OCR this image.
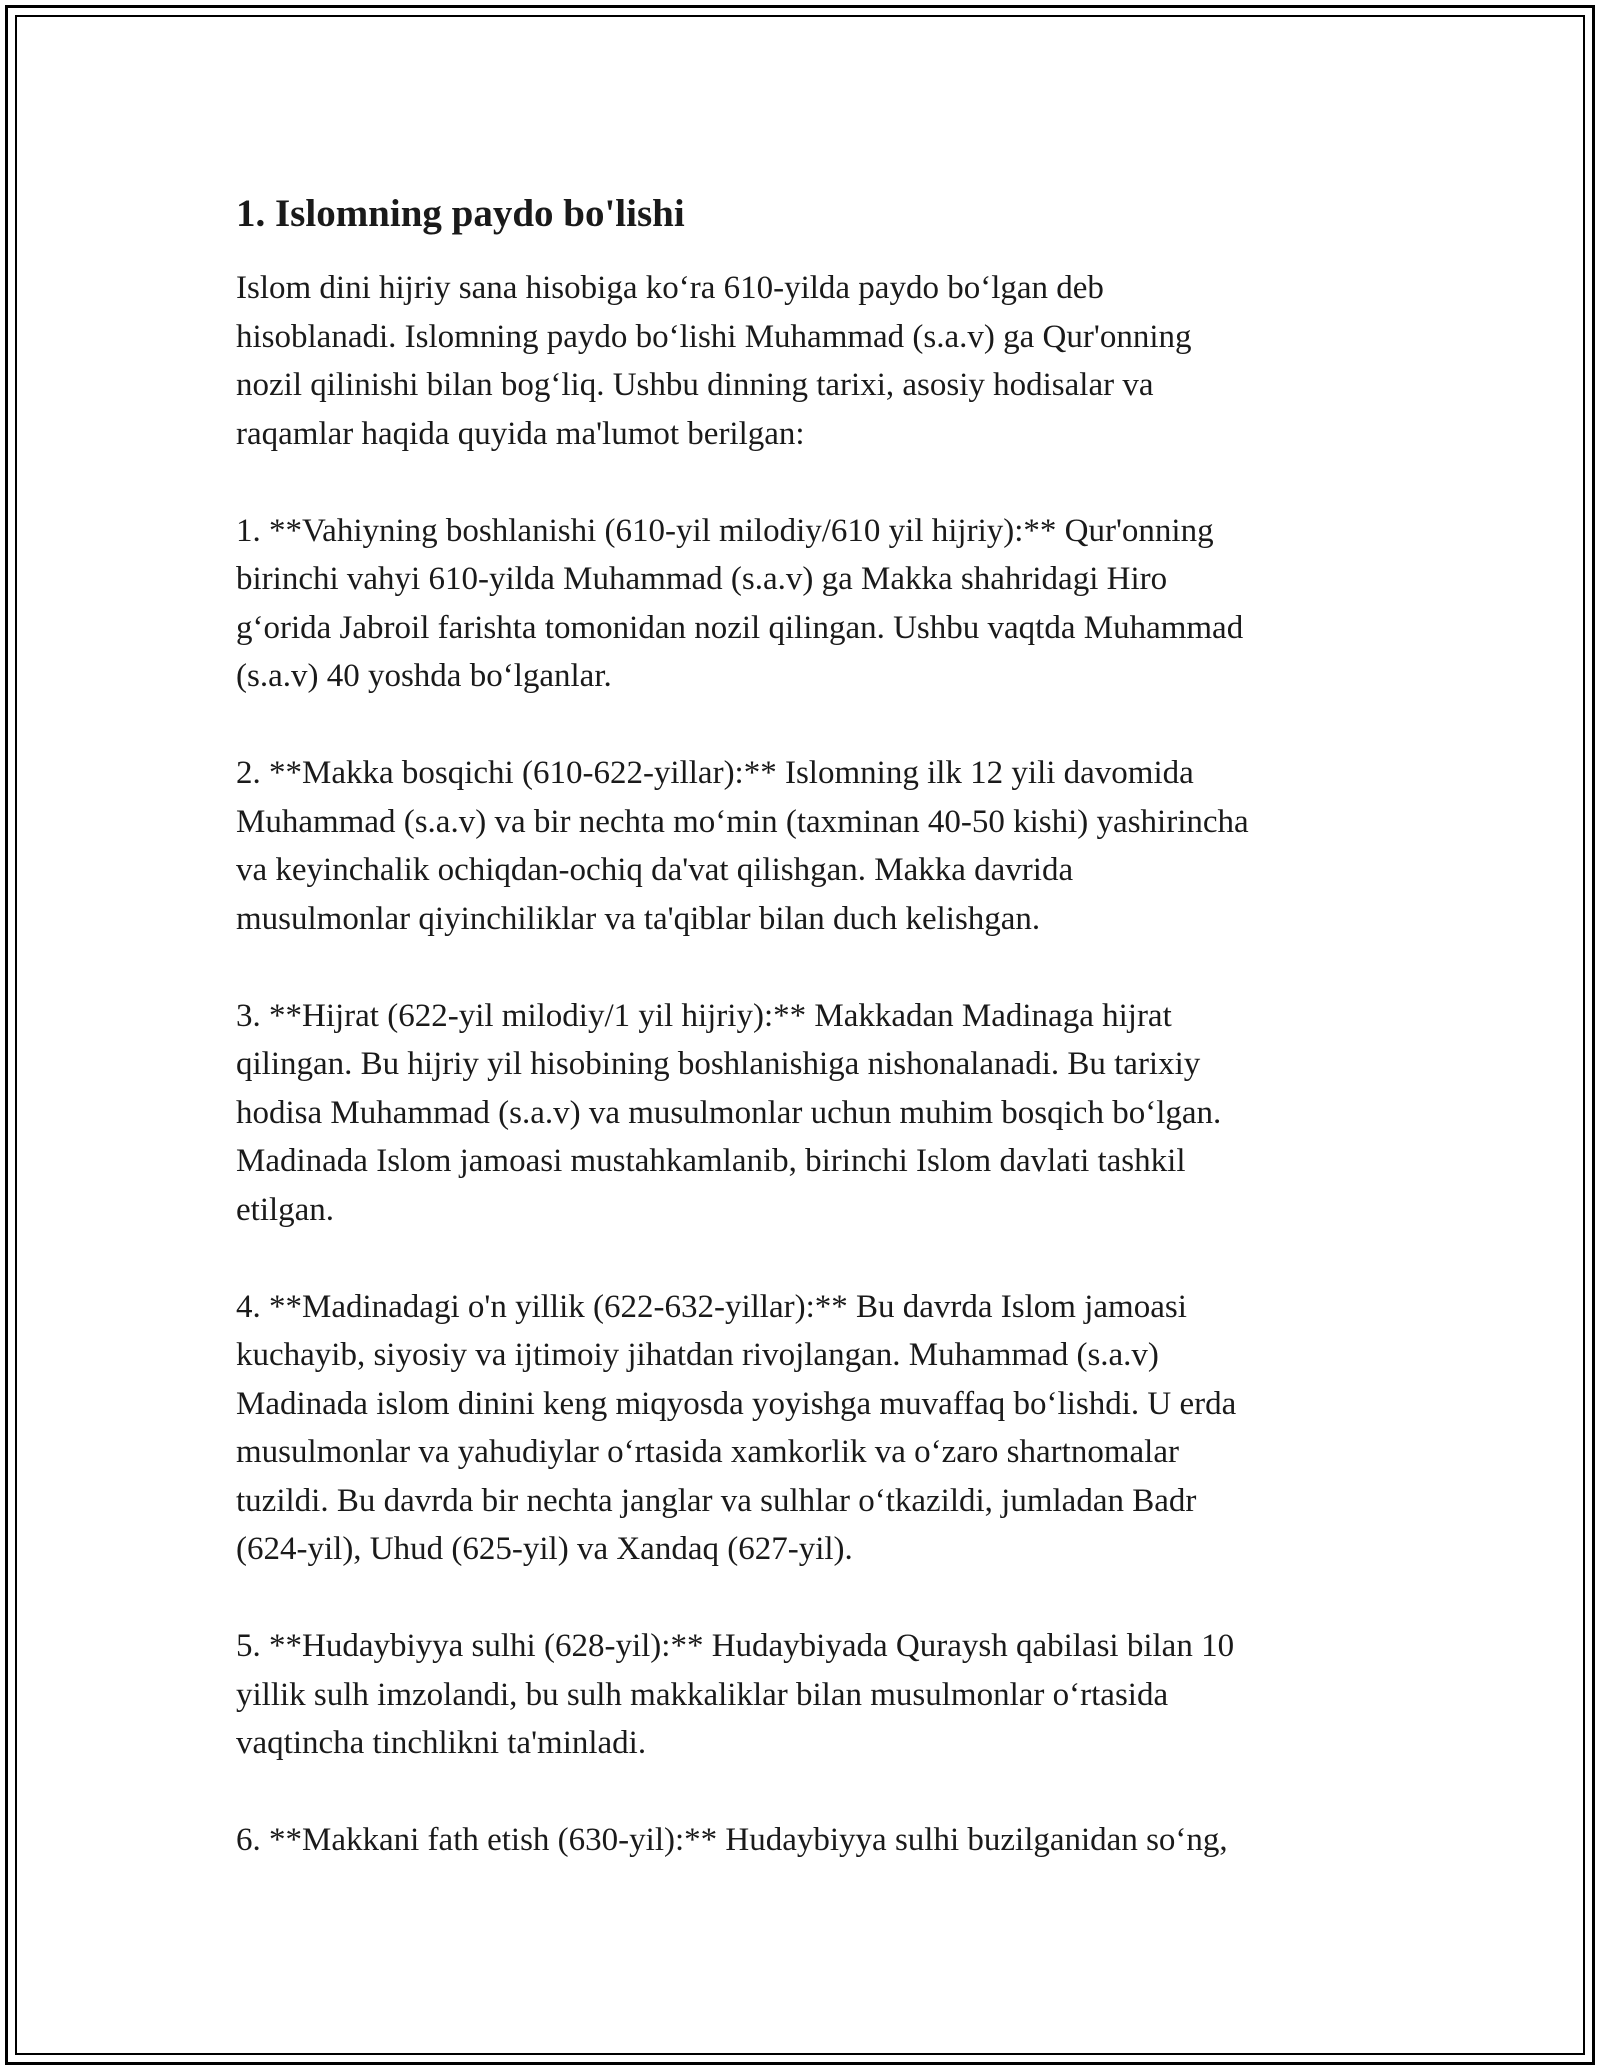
1. Islomning paydo bo'lishi

Islom dini hijriy sana hisobiga ko‘ra 610-yilda paydo bo‘lgan deb
hisoblanadi. Islomning paydo bo‘lishi Muhammad (s.a.v) ga Qur'onning
nozil qilinishi bilan bog‘liq. Ushbu dinning tarixi, asosiy hodisalar va
raqamlar haqida quyida ma'lumot berilgan:

1. **Vahiyning boshlanishi (610-yil milodiy/610 yil hijriy):** Qur'onning
birinchi vahyi 610-yilda Muhammad (s.a.v) ga Makka shahridagi Hiro
g‘orida Jabroil farishta tomonidan nozil qilingan. Ushbu vaqtda Muhammad
(s.a.v) 40 yoshda bo‘lganlar.

2. **Makka bosqichi (610-622-yillar):** Islomning ilk 12 yili davomida
Muhammad (s.a.v) va bir nechta mo‘min (taxminan 40-50 kishi) yashirincha
va keyinchalik ochiqdan-ochiq da'vat qilishgan. Makka davrida
musulmonlar qiyinchiliklar va ta'qiblar bilan duch kelishgan.

3. **Hijrat (622-yil milodiy/1 yil hijriy):** Makkadan Madinaga hijrat
qilingan. Bu hijriy yil hisobining boshlanishiga nishonalanadi. Bu tarixiy
hodisa Muhammad (s.a.v) va musulmonlar uchun muhim bosqich bo‘lgan.
Madinada Islom jamoasi mustahkamlanib, birinchi Islom davlati tashkil
etilgan.

4. **Madinadagi o'n yillik (622-632-yillar):** Bu davrda Islom jamoasi
kuchayib, siyosiy va ijtimoiy jihatdan rivojlangan. Muhammad (s.a.v)
Madinada islom dinini keng miqyosda yoyishga muvaffaq bo‘lishdi. U erda
musulmonlar va yahudiylar o‘rtasida xamkorlik va o‘zaro shartnomalar
tuzildi. Bu davrda bir nechta janglar va sulhlar o‘tkazildi, jumladan Badr
(624-yil), Uhud (625-yil) va Xandaq (627-yil).

5. **Hudaybiyya sulhi (628-yil):** Hudaybiyada Quraysh qabilasi bilan 10
yillik sulh imzolandi, bu sulh makkaliklar bilan musulmonlar o‘rtasida
vaqtincha tinchlikni ta'minladi.

6. **Makkani fath etish (630-yil):** Hudaybiyya sulhi buzilganidan so‘ng,
